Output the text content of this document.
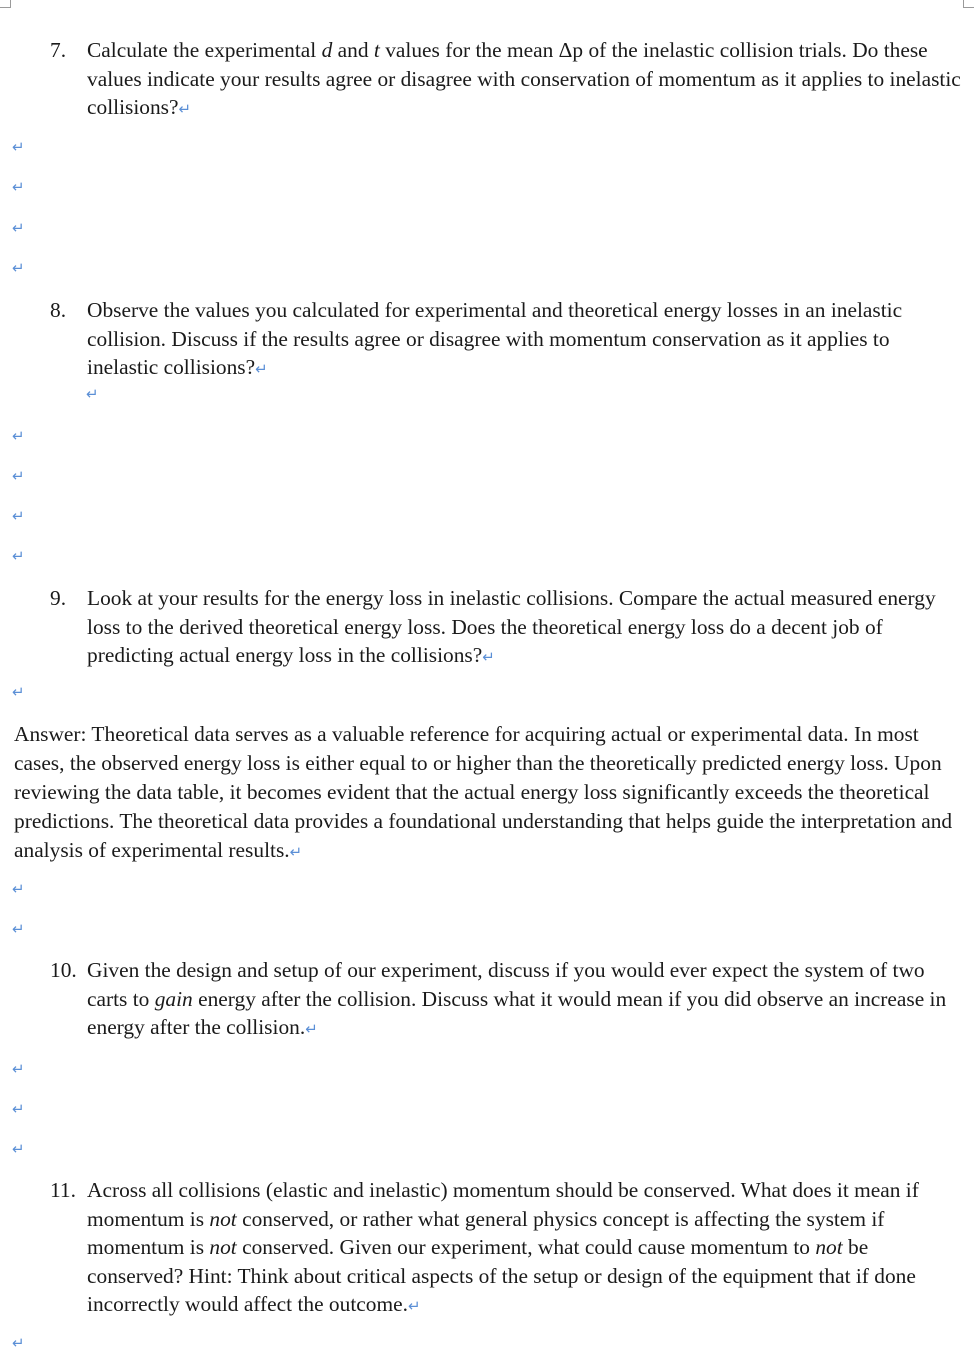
7. Calculate the experimental d and t values for the mean Δp of the inelastic collision trials. Do these values indicate your results agree or disagree with conservation of momentum as it applies to inelastic collisions?↵
↵
↵
↵
↵
8. Observe the values you calculated for experimental and theoretical energy losses in an inelastic collision. Discuss if the results agree or disagree with momentum conservation as it applies to inelastic collisions?↵
↵
↵
↵
↵
↵
9. Look at your results for the energy loss in inelastic collisions. Compare the actual measured energy loss to the derived theoretical energy loss. Does the theoretical energy loss do a decent job of predicting actual energy loss in the collisions?↵
↵
Answer: Theoretical data serves as a valuable reference for acquiring actual or experimental data. In most cases, the observed energy loss is either equal to or higher than the theoretically predicted energy loss. Upon reviewing the data table, it becomes evident that the actual energy loss significantly exceeds the theoretical predictions. The theoretical data provides a foundational understanding that helps guide the interpretation and analysis of experimental results.↵
↵
↵
10. Given the design and setup of our experiment, discuss if you would ever expect the system of two carts to gain energy after the collision. Discuss what it would mean if you did observe an increase in energy after the collision.↵
↵
↵
↵
11. Across all collisions (elastic and inelastic) momentum should be conserved. What does it mean if momentum is not conserved, or rather what general physics concept is affecting the system if momentum is not conserved. Given our experiment, what could cause momentum to not be conserved? Hint: Think about critical aspects of the setup or design of the equipment that if done incorrectly would affect the outcome.↵
↵
